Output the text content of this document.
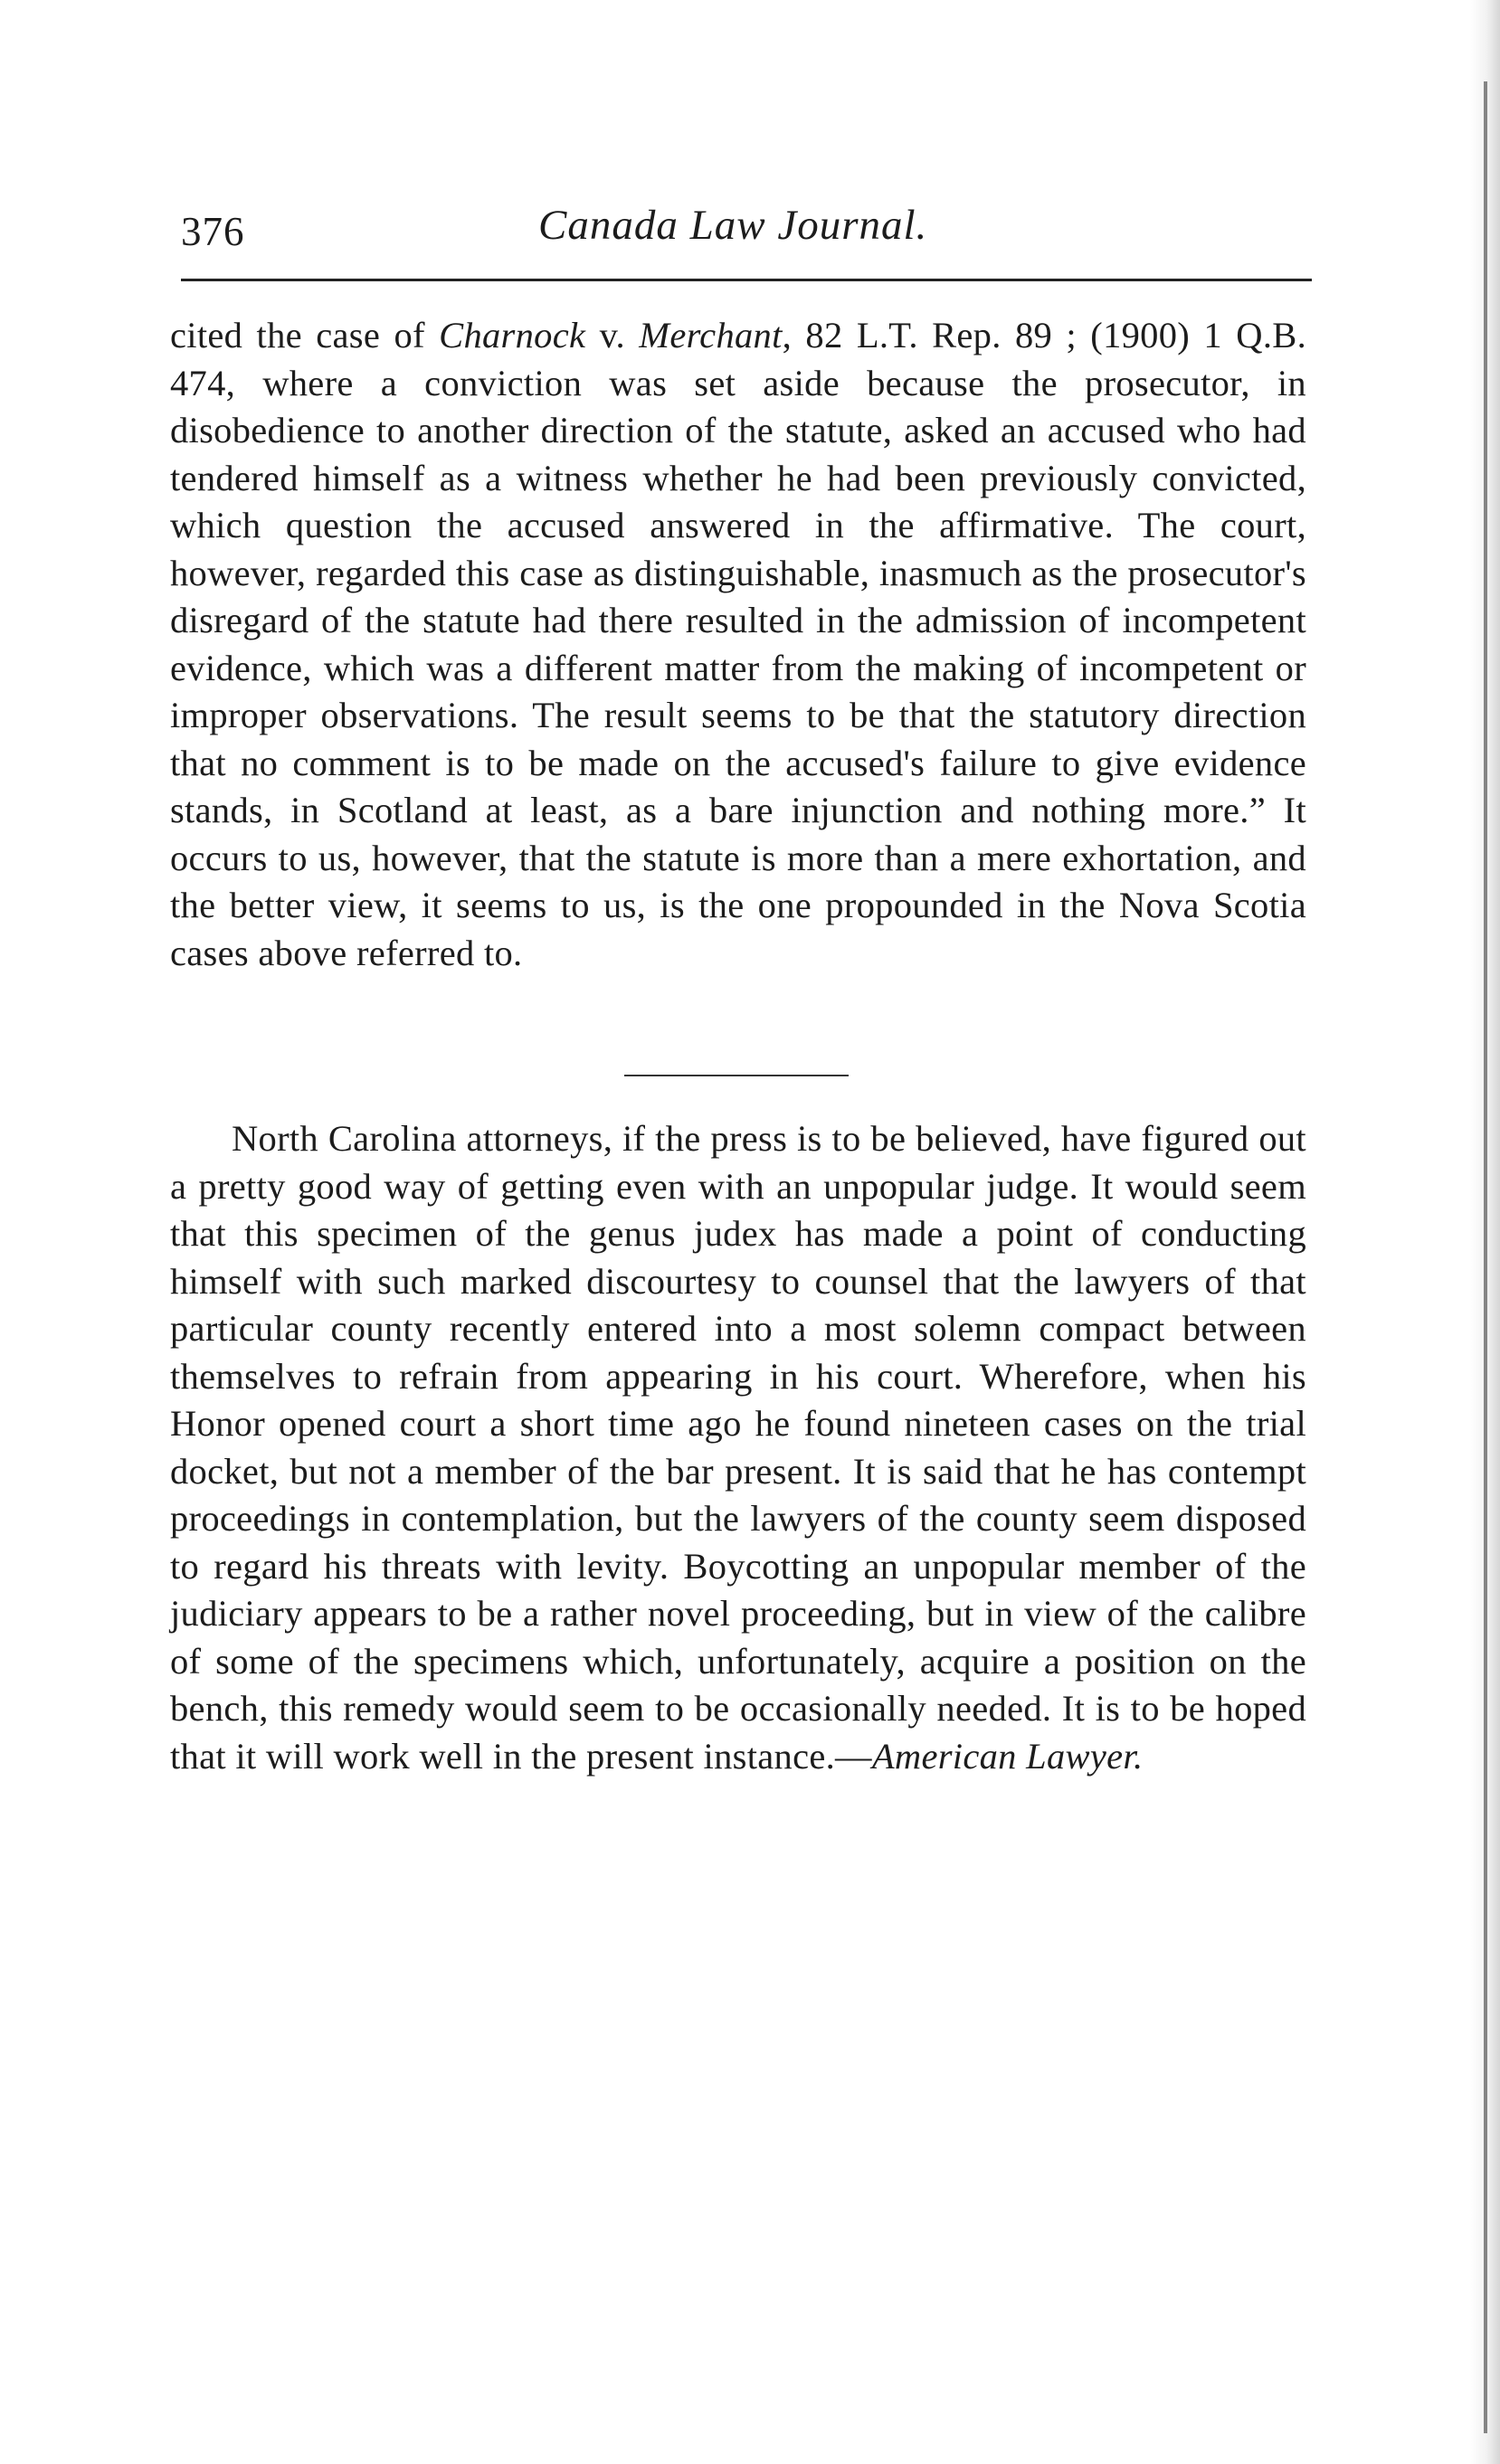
376	Canada Law Journal.

cited the case of Charnock v. Merchant, 82 L.T. Rep. 89 ; (1900) 1 Q.B. 474, where a conviction was set aside because the prosecutor, in disobedience to another direction of the statute, asked an accused who had tendered himself as a witness whether he had been previously convicted, which question the accused answered in the affirmative. The court, however, regarded this case as distinguishable, inasmuch as the prosecutor's disregard of the statute had there resulted in the admission of incompetent evidence, which was a different matter from the making of incompetent or improper observations. The result seems to be that the statutory direction that no comment is to be made on the accused's failure to give evidence stands, in Scotland at least, as a bare injunction and nothing more.” It occurs to us, however, that the statute is more than a mere exhortation, and the better view, it seems to us, is the one propounded in the Nova Scotia cases above referred to.

North Carolina attorneys, if the press is to be believed, have figured out a pretty good way of getting even with an unpopular judge. It would seem that this specimen of the genus judex has made a point of conducting himself with such marked discourtesy to counsel that the lawyers of that particular county recently entered into a most solemn compact between themselves to refrain from appearing in his court. Wherefore, when his Honor opened court a short time ago he found nineteen cases on the trial docket, but not a member of the bar present. It is said that he has contempt proceedings in contemplation, but the lawyers of the county seem disposed to regard his threats with levity. Boycotting an unpopular member of the judiciary appears to be a rather novel proceeding, but in view of the calibre of some of the specimens which, unfortunately, acquire a position on the bench, this remedy would seem to be occasionally needed. It is to be hoped that it will work well in the present instance.—American Lawyer.
